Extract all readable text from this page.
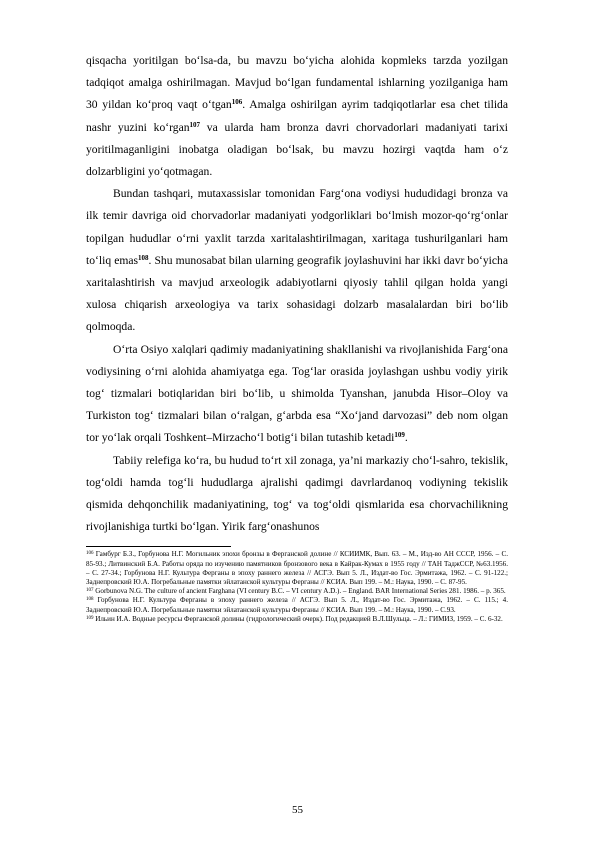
qisqacha yoritilgan bo‘lsa-da, bu mavzu bo‘yicha alohida kopmleks tarzda yozilgan tadqiqot amalga oshirilmagan. Mavjud bo‘lgan fundamental ishlarning yozilganiga ham 30 yildan ko‘proq vaqt o‘tgan$^{106}$. Amalga oshirilgan ayrim tadqiqotlarlar esa chet tilida nashr yuzini ko‘rgan$^{107}$ va ularda ham bronza davri chorvadorlari madaniyati tarixi yoritilmaganligini inobatga oladigan bo‘lsak, bu mavzu hozirgi vaqtda ham o‘z dolzarbligini yo‘qotmagan.

Bundan tashqari, mutaxassislar tomonidan Farg‘ona vodiysi hududidagi bronza va ilk temir davriga oid chorvadorlar madaniyati yodgorliklari bo‘lmish mozor-qo‘rg‘onlar topilgan hududlar o‘rni yaxlit tarzda xaritalashtirilmagan, xaritaga tushurilganlari ham to‘liq emas$^{108}$. Shu munosabat bilan ularning geografik joylashuvini har ikki davr bo‘yicha xaritalashtirish va mavjud arxeologik adabiyotlarni qiyosiy tahlil qilgan holda yangi xulosa chiqarish arxeologiya va tarix sohasidagi dolzarb masalalardan biri bo‘lib qolmoqda.

O‘rta Osiyo xalqlari qadimiy madaniyatining shakllanishi va rivojlanishida Farg‘ona vodiysining o‘rni alohida ahamiyatga ega. Tog‘lar orasida joylashgan ushbu vodiy yirik tog‘ tizmalari botiqlaridan biri bo‘lib, u shimolda Tyanshan, janubda Hisor–Oloy va Turkiston tog‘ tizmalari bilan o‘ralgan, g‘arbda esa “Xo‘jand darvozasi” deb nom olgan tor yo‘lak orqali Toshkent–Mirzacho‘l botig‘i bilan tutashib ketadi$^{109}$.

Tabiiy relefiga ko‘ra, bu hudud to‘rt xil zonaga, ya’ni markaziy cho‘l-sahro, tekislik, tog‘oldi hamda tog‘li hududlarga ajralishi qadimgi davrlardanoq vodiyning tekislik qismida dehqonchilik madaniyatining, tog‘ va tog‘oldi qismlarida esa chorvachilikning rivojlanishiga turtki bo‘lgan. Yirik farg‘onashunos

$^{106}$ Гамбург Б.З., Горбунова Н.Г. Могильник эпохи бронзы в Ферганской долине // КСИИМК, Вып. 63. – М., Изд-во АН СССР, 1956. – С. 85-93.; Литвинский Б.А. Работы оряда по изучению памятников бронзового века в Кайрак-Кумах в 1955 году // ТАН ТаджССР, №63.1956. – С. 27-34.; Горбунова Н.Г. Культура Ферганы в эпоху раннего железа // АСГЭ. Вып 5. Л., Издат-во Гос. Эрмитажа, 1962. – С. 91-122.; Заднепровский Ю.А. Погребальные памятки эйлатанской культуры Ферганы // КСИА. Вып 199. – М.: Наука, 1990. – С. 87-95.

$^{107}$ Gorbunova N.G. The culture of ancient Farghana (VI century B.C. – VI century A.D.). – England. BAR International Series 281. 1986. – p. 365.

$^{108}$ Горбунова Н.Г. Культура Ферганы в эпоху раннего железа // АСГЭ. Вып 5. Л., Издат-во Гос. Эрмитажа, 1962. – С. 115.; 4. Заднепровский Ю.А. Погребальные памятки эйлатанской культуры Ферганы // КСИА. Вып 199. – М.: Наука, 1990. – С.93.

$^{109}$ Ильин И.А. Водные ресурсы Ферганской долины (гидрологический очерк). Под редакцией В.Л.Шульца. – Л.: ГИМИЗ, 1959. – С. 6-32.

55
